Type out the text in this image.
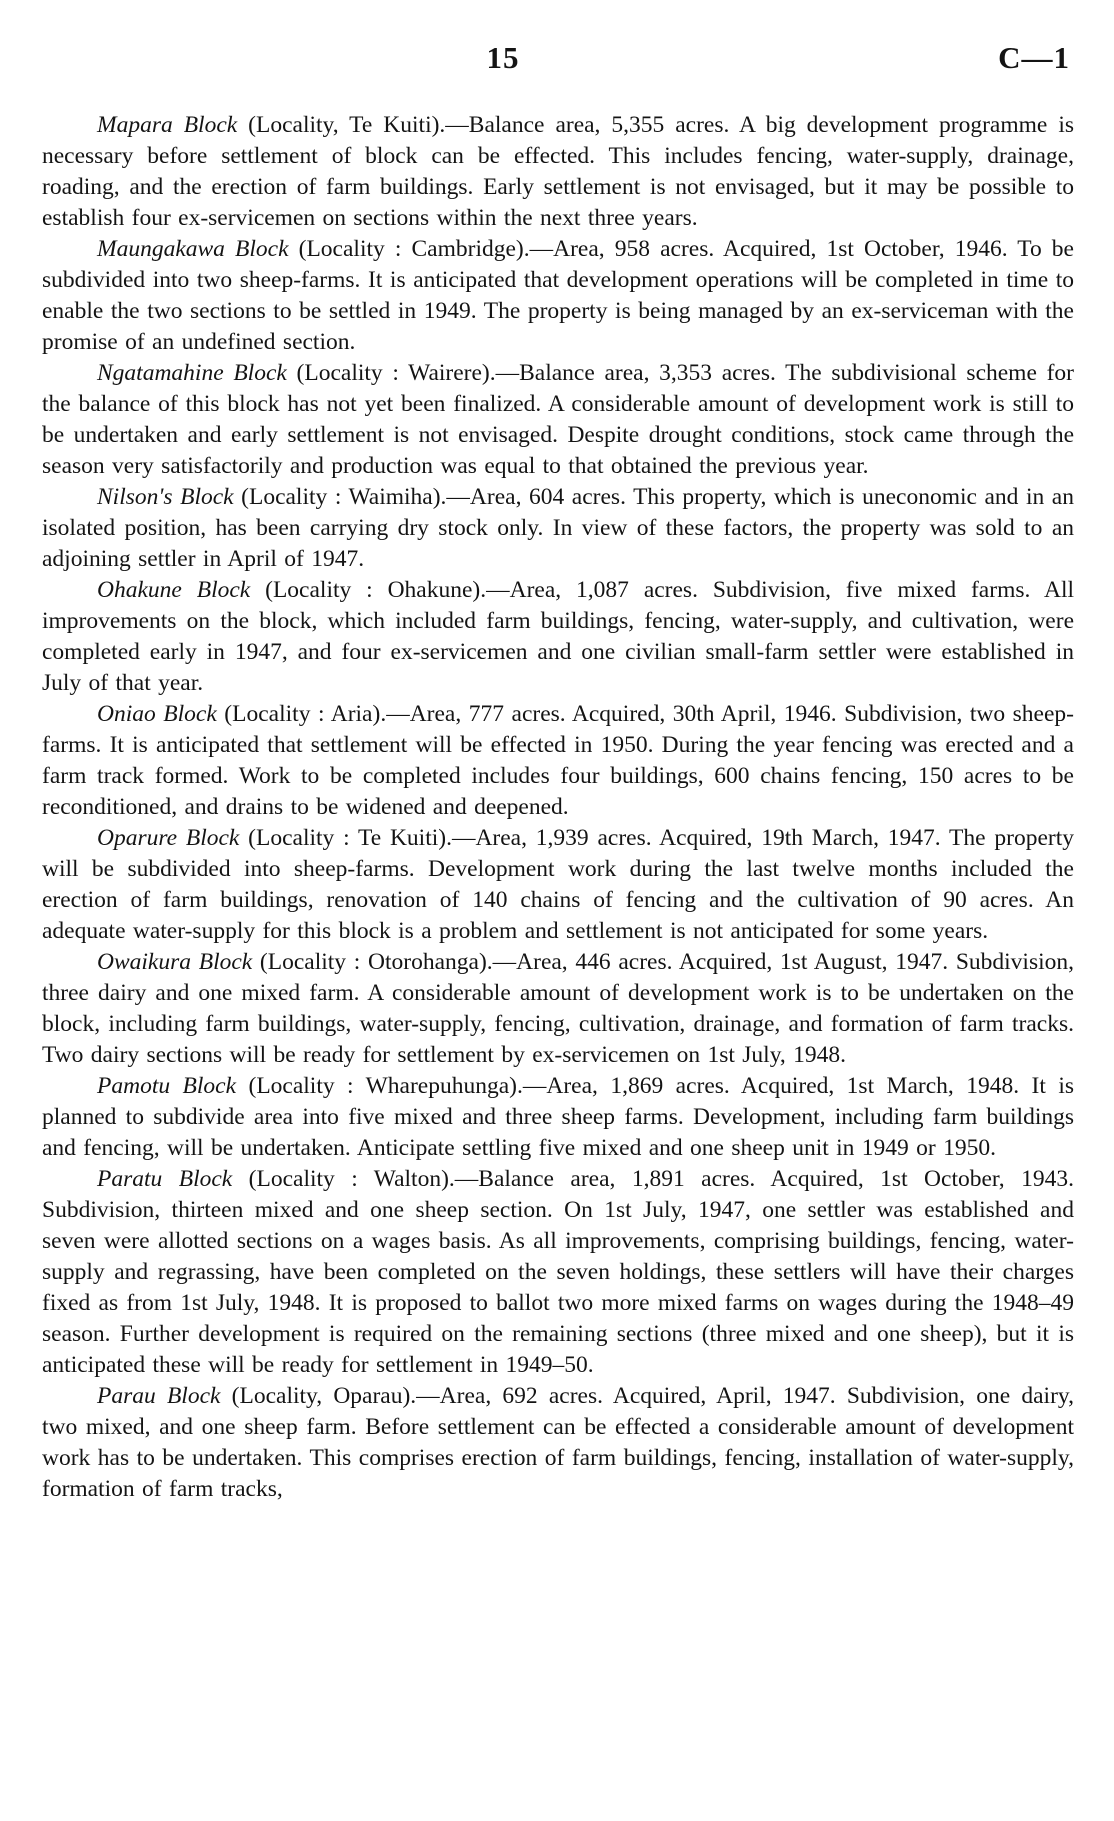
15	C—1

Mapara Block (Locality, Te Kuiti).—Balance area, 5,355 acres. A big development programme is necessary before settlement of block can be effected. This includes fencing, water-supply, drainage, roading, and the erection of farm buildings. Early settlement is not envisaged, but it may be possible to establish four ex-servicemen on sections within the next three years.

Maungakawa Block (Locality : Cambridge).—Area, 958 acres. Acquired, 1st October, 1946. To be subdivided into two sheep-farms. It is anticipated that development operations will be completed in time to enable the two sections to be settled in 1949. The property is being managed by an ex-serviceman with the promise of an undefined section.

Ngatamahine Block (Locality : Wairere).—Balance area, 3,353 acres. The subdivisional scheme for the balance of this block has not yet been finalized. A considerable amount of development work is still to be undertaken and early settlement is not envisaged. Despite drought conditions, stock came through the season very satisfactorily and production was equal to that obtained the previous year.

Nilson's Block (Locality : Waimiha).—Area, 604 acres. This property, which is uneconomic and in an isolated position, has been carrying dry stock only. In view of these factors, the property was sold to an adjoining settler in April of 1947.

Ohakune Block (Locality : Ohakune).—Area, 1,087 acres. Subdivision, five mixed farms. All improvements on the block, which included farm buildings, fencing, water-supply, and cultivation, were completed early in 1947, and four ex-servicemen and one civilian small-farm settler were established in July of that year.

Oniao Block (Locality : Aria).—Area, 777 acres. Acquired, 30th April, 1946. Subdivision, two sheep-farms. It is anticipated that settlement will be effected in 1950. During the year fencing was erected and a farm track formed. Work to be completed includes four buildings, 600 chains fencing, 150 acres to be reconditioned, and drains to be widened and deepened.

Oparure Block (Locality : Te Kuiti).—Area, 1,939 acres. Acquired, 19th March, 1947. The property will be subdivided into sheep-farms. Development work during the last twelve months included the erection of farm buildings, renovation of 140 chains of fencing and the cultivation of 90 acres. An adequate water-supply for this block is a problem and settlement is not anticipated for some years.

Owaikura Block (Locality : Otorohanga).—Area, 446 acres. Acquired, 1st August, 1947. Subdivision, three dairy and one mixed farm. A considerable amount of development work is to be undertaken on the block, including farm buildings, water-supply, fencing, cultivation, drainage, and formation of farm tracks. Two dairy sections will be ready for settlement by ex-servicemen on 1st July, 1948.

Pamotu Block (Locality : Wharepuhunga).—Area, 1,869 acres. Acquired, 1st March, 1948. It is planned to subdivide area into five mixed and three sheep farms. Development, including farm buildings and fencing, will be undertaken. Anticipate settling five mixed and one sheep unit in 1949 or 1950.

Paratu Block (Locality : Walton).—Balance area, 1,891 acres. Acquired, 1st October, 1943. Subdivision, thirteen mixed and one sheep section. On 1st July, 1947, one settler was established and seven were allotted sections on a wages basis. As all improvements, comprising buildings, fencing, water-supply and regrassing, have been completed on the seven holdings, these settlers will have their charges fixed as from 1st July, 1948. It is proposed to ballot two more mixed farms on wages during the 1948–49 season. Further development is required on the remaining sections (three mixed and one sheep), but it is anticipated these will be ready for settlement in 1949–50.

Parau Block (Locality, Oparau).—Area, 692 acres. Acquired, April, 1947. Subdivision, one dairy, two mixed, and one sheep farm. Before settlement can be effected a considerable amount of development work has to be undertaken. This comprises erection of farm buildings, fencing, installation of water-supply, formation of farm tracks,
